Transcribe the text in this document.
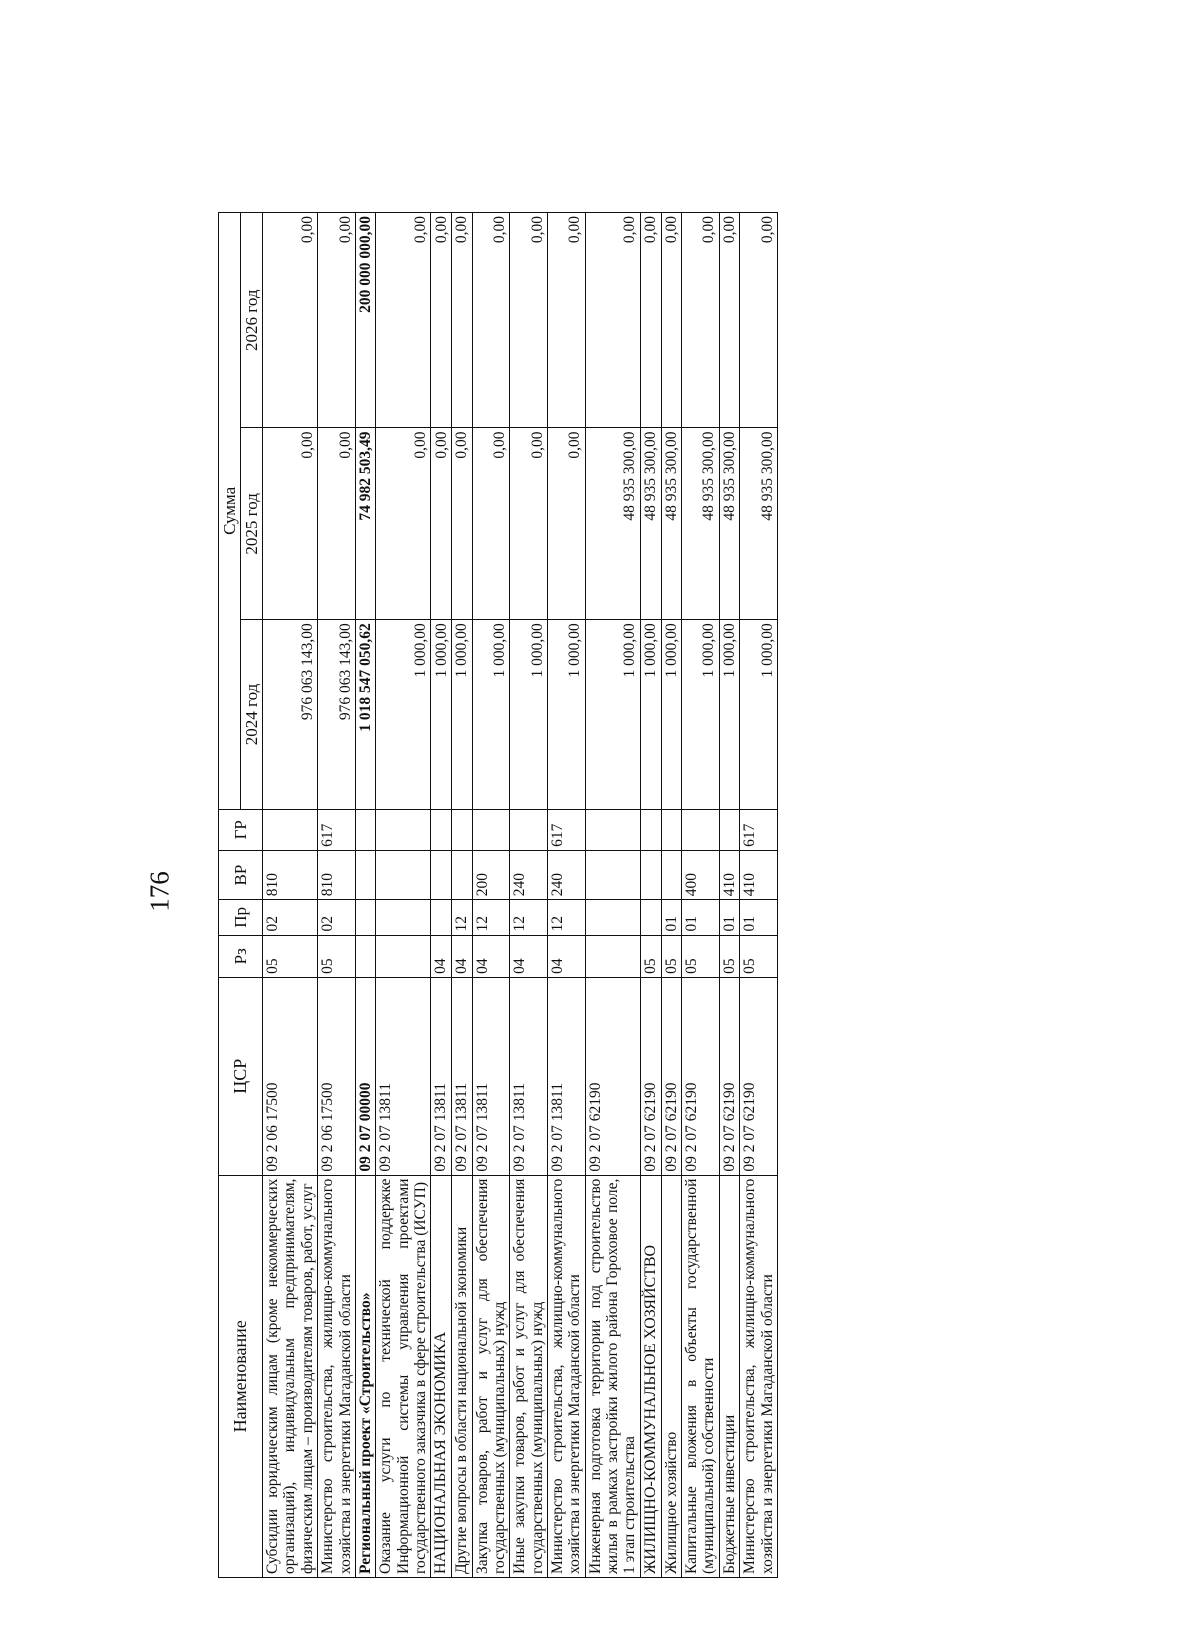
176
Наименование	ЦСР	Рз	Пр	ВР	ГР	Сумма		
						2024 год	2025 год	2026 год
Субсидии юридическим лицам (кроме некоммерческих организаций), индивидуальным предпринимателям, физическим лицам – производителям товаров, работ, услуг	09 2 06 17500	05	02	810		976 063 143,00	0,00	0,00
Министерство строительства, жилищно-коммунального хозяйства и энергетики Магаданской области	09 2 06 17500	05	02	810	617	976 063 143,00	0,00	0,00
Региональный проект «Строительство»	09 2 07 00000					1 018 547 050,62	74 982 503,49	200 000 000,00
Оказание услуги по технической поддержке Информационной системы управления проектами государственного заказчика в сфере строительства (ИСУП)	09 2 07 13811					1 000,00	0,00	0,00
НАЦИОНАЛЬНАЯ ЭКОНОМИКА	09 2 07 13811	04				1 000,00	0,00	0,00
Другие вопросы в области национальной экономики	09 2 07 13811	04	12			1 000,00	0,00	0,00
Закупка товаров, работ и услуг для обеспечения государственных (муниципальных) нужд	09 2 07 13811	04	12	200		1 000,00	0,00	0,00
Иные закупки товаров, работ и услуг для обеспечения государственных (муниципальных) нужд	09 2 07 13811	04	12	240		1 000,00	0,00	0,00
Министерство строительства, жилищно-коммунального хозяйства и энергетики Магаданской области	09 2 07 13811	04	12	240	617	1 000,00	0,00	0,00
Инженерная подготовка территории под строительство жилья в рамках застройки жилого района Гороховое поле, 1 этап строительства	09 2 07 62190					1 000,00	48 935 300,00	0,00
ЖИЛИЩНО-КОММУНАЛЬНОЕ ХОЗЯЙСТВО	09 2 07 62190	05				1 000,00	48 935 300,00	0,00
Жилищное хозяйство	09 2 07 62190	05	01			1 000,00	48 935 300,00	0,00
Капитальные вложения в объекты государственной (муниципальной) собственности	09 2 07 62190	05	01	400		1 000,00	48 935 300,00	0,00
Бюджетные инвестиции	09 2 07 62190	05	01	410		1 000,00	48 935 300,00	0,00
Министерство строительства, жилищно-коммунального хозяйства и энергетики Магаданской области	09 2 07 62190	05	01	410	617	1 000,00	48 935 300,00	0,00
